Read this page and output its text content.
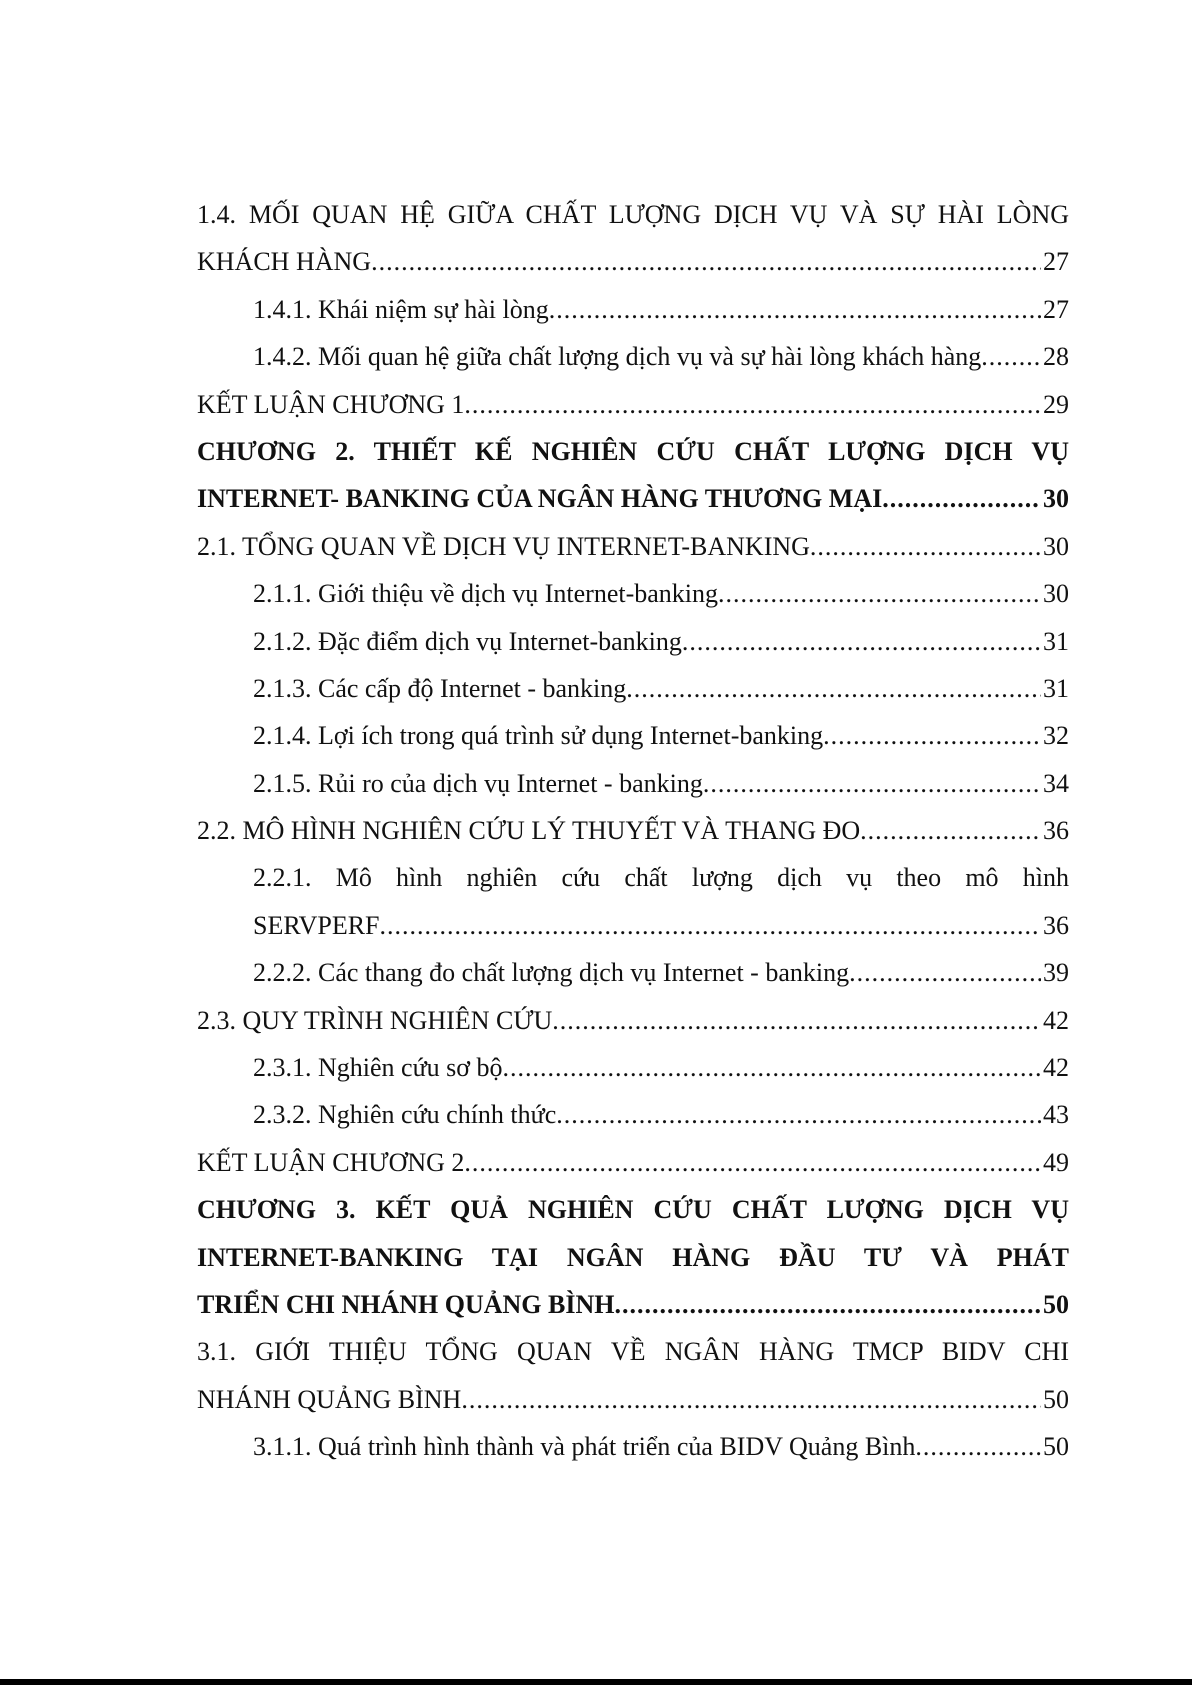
1.4. MỐI QUAN HỆ GIỮA CHẤT LƯỢNG DỊCH VỤ VÀ SỰ HÀI LÒNG
KHÁCH HÀNG .....	27
1.4.1. Khái niệm sự hài lòng .....	27
1.4.2. Mối quan hệ giữa chất lượng dịch vụ và sự hài lòng khách hàng ..... 28
KẾT LUẬN CHƯƠNG 1 .....	29
CHƯƠNG 2. THIẾT KẾ NGHIÊN CỨU CHẤT LƯỢNG DỊCH VỤ
INTERNET- BANKING CỦA NGÂN HÀNG THƯƠNG MẠI .....	30
2.1. TỔNG QUAN VỀ DỊCH VỤ INTERNET-BANKING .....	30
2.1.1. Giới thiệu về dịch vụ Internet-banking .....	30
2.1.2. Đặc điểm dịch vụ Internet-banking .....	31
2.1.3. Các cấp độ Internet - banking .....	31
2.1.4. Lợi ích trong quá trình sử dụng Internet-banking .....	32
2.1.5. Rủi ro của dịch vụ Internet - banking .....	34
2.2. MÔ HÌNH NGHIÊN CỨU LÝ THUYẾT VÀ THANG ĐO .....	36
2.2.1. Mô hình nghiên cứu chất lượng dịch vụ theo mô hình
SERVPERF .....	36
2.2.2. Các thang đo chất lượng dịch vụ Internet - banking .....	39
2.3. QUY TRÌNH NGHIÊN CỨU .....	42
2.3.1. Nghiên cứu sơ bộ .....	42
2.3.2. Nghiên cứu chính thức .....	43
KẾT LUẬN CHƯƠNG 2 .....	49
CHƯƠNG 3. KẾT QUẢ NGHIÊN CỨU CHẤT LƯỢNG DỊCH VỤ
INTERNET-BANKING TẠI NGÂN HÀNG ĐẦU TƯ VÀ PHÁT
TRIỂN CHI NHÁNH QUẢNG BÌNH .....	50
3.1. GIỚI THIỆU TỔNG QUAN VỀ NGÂN HÀNG TMCP BIDV CHI
NHÁNH QUẢNG BÌNH .....	50
3.1.1. Quá trình hình thành và phát triển của BIDV Quảng Bình .....	50
